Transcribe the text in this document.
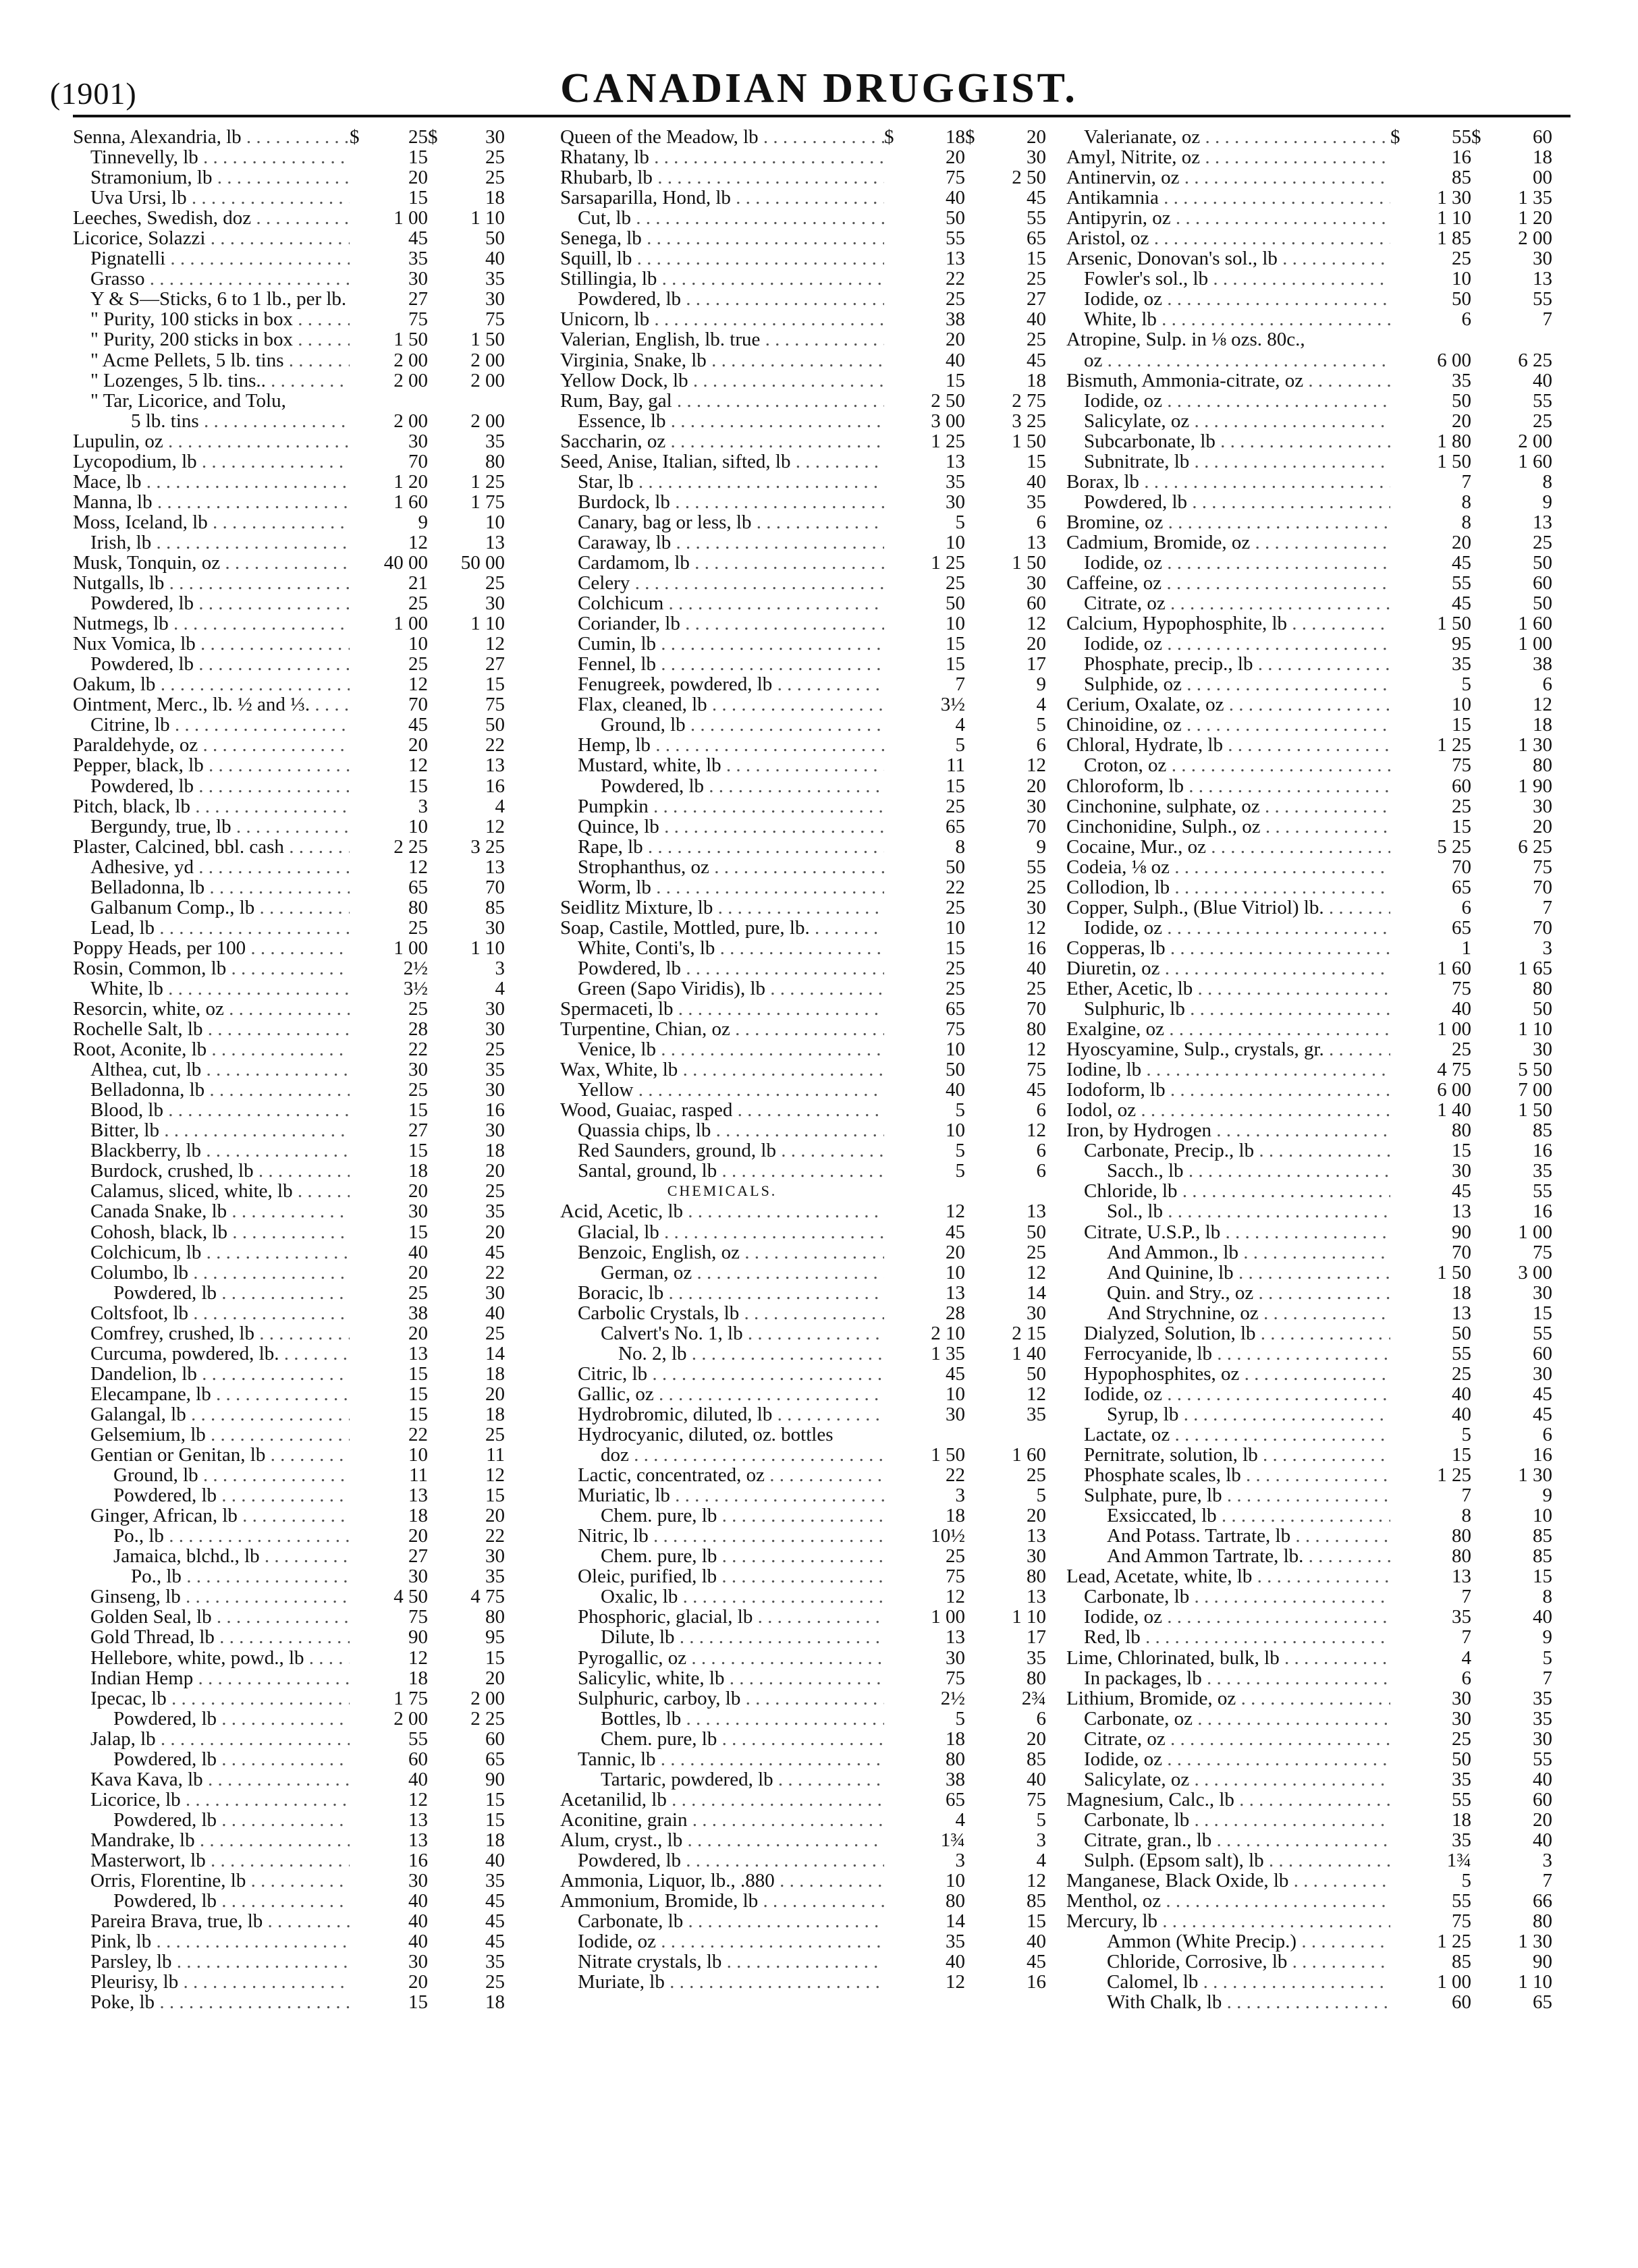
(1901)	CANADIAN DRUGGIST.
Senna, Alexandria, lb . . .	$	25 $	30
Tinnevelly, lb . . .	15	25
Stramonium, lb . . .	20	25
Uva Ursi, lb . . .	15	18
Leeches, Swedish, doz . . .	1 00	1 10
Licorice, Solazzi . . .	45	50
Pignatelli . . .	35	40
Grasso . . .	30	35
Y & S—Sticks, 6 to 1 lb., per lb. . . .	27	30
" Purity, 100 sticks in box . . .	75	75
" Purity, 200 sticks in box . . .	1 50	1 50
" Acme Pellets, 5 lb. tins . . .	2 00	2 00
" Lozenges, 5 lb. tins.. . . .	2 00	2 00
" Tar, Licorice, and Tolu,
5 lb. tins . . .	2 00	2 00
Lupulin, oz . . .	30	35
Lycopodium, lb . . .	70	80
Mace, lb . . .	1 20	1 25
Manna, lb . . .	1 60	1 75
Moss, Iceland, lb . . .	9	10
Irish, lb . . .	12	13
Musk, Tonquin, oz . . .	40 00	50 00
Nutgalls, lb . . .	21	25
Powdered, lb . . .	25	30
Nutmegs, lb . . .	1 00	1 10
Nux Vomica, lb . . .	10	12
Powdered, lb . . .	25	27
Oakum, lb . . .	12	15
Ointment, Merc., lb. ½ and ⅓. . . .	70	75
Citrine, lb . . .	45	50
Paraldehyde, oz . . .	20	22
Pepper, black, lb . . .	12	13
Powdered, lb . . .	15	16
Pitch, black, lb . . .	3	4
Bergundy, true, lb . . .	10	12
Plaster, Calcined, bbl. cash . . .	2 25	3 25
Adhesive, yd . . .	12	13
Belladonna, lb . . .	65	70
Galbanum Comp., lb . . .	80	85
Lead, lb . . .	25	30
Poppy Heads, per 100 . . .	1 00	1 10
Rosin, Common, lb . . .	2½	3
White, lb . . .	3½	4
Resorcin, white, oz . . .	25	30
Rochelle Salt, lb . . .	28	30
Root, Aconite, lb . . .	22	25
Althea, cut, lb . . .	30	35
Belladonna, lb . . .	25	30
Blood, lb . . .	15	16
Bitter, lb . . .	27	30
Blackberry, lb . . .	15	18
Burdock, crushed, lb . . .	18	20
Calamus, sliced, white, lb . . .	20	25
Canada Snake, lb . . .	30	35
Cohosh, black, lb . . .	15	20
Colchicum, lb . . .	40	45
Columbo, lb . . .	20	22
Powdered, lb . . .	25	30
Coltsfoot, lb . . .	38	40
Comfrey, crushed, lb . . .	20	25
Curcuma, powdered, lb. . . .	13	14
Dandelion, lb . . .	15	18
Elecampane, lb . . .	15	20
Galangal, lb . . .	15	18
Gelsemium, lb . . .	22	25
Gentian or Genitan, lb . . .	10	11
Ground, lb . . .	11	12
Powdered, lb . . .	13	15
Ginger, African, lb . . .	18	20
Po., lb . . .	20	22
Jamaica, blchd., lb . . .	27	30
Po., lb . . .	30	35
Ginseng, lb . . .	4 50	4 75
Golden Seal, lb . . .	75	80
Gold Thread, lb . . .	90	95
Hellebore, white, powd., lb . . .	12	15
Indian Hemp . . .	18	20
Ipecac, lb . . .	1 75	2 00
Powdered, lb . . .	2 00	2 25
Jalap, lb . . .	55	60
Powdered, lb . . .	60	65
Kava Kava, lb . . .	40	90
Licorice, lb . . .	12	15
Powdered, lb . . .	13	15
Mandrake, lb . . .	13	18
Masterwort, lb . . .	16	40
Orris, Florentine, lb . . .	30	35
Powdered, lb . . .	40	45
Pareira Brava, true, lb . . .	40	45
Pink, lb . . .	40	45
Parsley, lb . . .	30	35
Pleurisy, lb . . .	20	25
Poke, lb . . .	15	18
Queen of the Meadow, lb . . .	$	18 $	20
Rhatany, lb . . .	20	30
Rhubarb, lb . . .	75	2 50
Sarsaparilla, Hond, lb . . .	40	45
Cut, lb . . .	50	55
Senega, lb . . .	55	65
Squill, lb . . .	13	15
Stillingia, lb . . .	22	25
Powdered, lb . . .	25	27
Unicorn, lb . . .	38	40
Valerian, English, lb. true . . .	20	25
Virginia, Snake, lb . . .	40	45
Yellow Dock, lb . . .	15	18
Rum, Bay, gal . . .	2 50	2 75
Essence, lb . . .	3 00	3 25
Saccharin, oz . . .	1 25	1 50
Seed, Anise, Italian, sifted, lb . . .	13	15
Star, lb . . .	35	40
Burdock, lb . . .	30	35
Canary, bag or less, lb . . .	5	6
Caraway, lb . . .	10	13
Cardamom, lb . . .	1 25	1 50
Celery . . .	25	30
Colchicum . . .	50	60
Coriander, lb . . .	10	12
Cumin, lb . . .	15	20
Fennel, lb . . .	15	17
Fenugreek, powdered, lb . . .	7	9
Flax, cleaned, lb . . .	3½	4
Ground, lb . . .	4	5
Hemp, lb . . .	5	6
Mustard, white, lb . . .	11	12
Powdered, lb . . .	15	20
Pumpkin . . .	25	30
Quince, lb . . .	65	70
Rape, lb . . .	8	9
Strophanthus, oz . . .	50	55
Worm, lb . . .	22	25
Seidlitz Mixture, lb . . .	25	30
Soap, Castile, Mottled, pure, lb. . . .	10	12
White, Conti's, lb . . .	15	16
Powdered, lb . . .	25	40
Green (Sapo Viridis), lb . . .	25	25
Spermaceti, lb . . .	65	70
Turpentine, Chian, oz . . .	75	80
Venice, lb . . .	10	12
Wax, White, lb . . .	50	75
Yellow . . .	40	45
Wood, Guaiac, rasped . . .	5	6
Quassia chips, lb . . .	10	12
Red Saunders, ground, lb . . .	5	6
Santal, ground, lb . . .	5	6
CHEMICALS.
Acid, Acetic, lb . . .	12	13
Glacial, lb . . .	45	50
Benzoic, English, oz . . .	20	25
German, oz . . .	10	12
Boracic, lb . . .	13	14
Carbolic Crystals, lb . . .	28	30
Calvert's No. 1, lb . . .	2 10	2 15
No. 2, lb . . .	1 35	1 40
Citric, lb . . .	45	50
Gallic, oz . . .	10	12
Hydrobromic, diluted, lb . . .	30	35
Hydrocyanic, diluted, oz. bottles
doz . . .	1 50	1 60
Lactic, concentrated, oz . . .	22	25
Muriatic, lb . . .	3	5
Chem. pure, lb . . .	18	20
Nitric, lb . . .	10½	13
Chem. pure, lb . . .	25	30
Oleic, purified, lb . . .	75	80
Oxalic, lb . . .	12	13
Phosphoric, glacial, lb . . .	1 00	1 10
Dilute, lb . . .	13	17
Pyrogallic, oz . . .	30	35
Salicylic, white, lb . . .	75	80
Sulphuric, carboy, lb . . .	2½	2¾
Bottles, lb . . .	5	6
Chem. pure, lb . . .	18	20
Tannic, lb . . .	80	85
Tartaric, powdered, lb . . .	38	40
Acetanilid, lb . . .	65	75
Aconitine, grain . . .	4	5
Alum, cryst., lb . . .	1¾	3
Powdered, lb . . .	3	4
Ammonia, Liquor, lb., .880 . . .	10	12
Ammonium, Bromide, lb . . .	80	85
Carbonate, lb . . .	14	15
Iodide, oz . . .	35	40
Nitrate crystals, lb . . .	40	45
Muriate, lb . . .	12	16
Valerianate, oz . . .	$	55 $	60
Amyl, Nitrite, oz . . .	16	18
Antinervin, oz . . .	85	00
Antikamnia . . .	1 30	1 35
Antipyrin, oz . . .	1 10	1 20
Aristol, oz . . .	1 85	2 00
Arsenic, Donovan's sol., lb . . .	25	30
Fowler's sol., lb . . .	10	13
Iodide, oz . . .	50	55
White, lb . . .	6	7
Atropine, Sulp. in ⅛ ozs. 80c.,
oz . . .	6 00	6 25
Bismuth, Ammonia-citrate, oz . . .	35	40
Iodide, oz . . .	50	55
Salicylate, oz . . .	20	25
Subcarbonate, lb . . .	1 80	2 00
Subnitrate, lb . . .	1 50	1 60
Borax, lb . . .	7	8
Powdered, lb . . .	8	9
Bromine, oz . . .	8	13
Cadmium, Bromide, oz . . .	20	25
Iodide, oz . . .	45	50
Caffeine, oz . . .	55	60
Citrate, oz . . .	45	50
Calcium, Hypophosphite, lb . . .	1 50	1 60
Iodide, oz . . .	95	1 00
Phosphate, precip., lb . . .	35	38
Sulphide, oz . . .	5	6
Cerium, Oxalate, oz . . .	10	12
Chinoidine, oz . . .	15	18
Chloral, Hydrate, lb . . .	1 25	1 30
Croton, oz . . .	75	80
Chloroform, lb . . .	60	1 90
Cinchonine, sulphate, oz . . .	25	30
Cinchonidine, Sulph., oz . . .	15	20
Cocaine, Mur., oz . . .	5 25	6 25
Codeia, ⅛ oz . . .	70	75
Collodion, lb . . .	65	70
Copper, Sulph., (Blue Vitriol) lb. . . .	6	7
Iodide, oz . . .	65	70
Copperas, lb . . .	1	3
Diuretin, oz . . .	1 60	1 65
Ether, Acetic, lb . . .	75	80
Sulphuric, lb . . .	40	50
Exalgine, oz . . .	1 00	1 10
Hyoscyamine, Sulp., crystals, gr. . . .	25	30
Iodine, lb . . .	4 75	5 50
Iodoform, lb . . .	6 00	7 00
Iodol, oz . . .	1 40	1 50
Iron, by Hydrogen . . .	80	85
Carbonate, Precip., lb . . .	15	16
Sacch., lb . . .	30	35
Chloride, lb . . .	45	55
Sol., lb . . .	13	16
Citrate, U.S.P., lb . . .	90	1 00
And Ammon., lb . . .	70	75
And Quinine, lb . . .	1 50	3 00
Quin. and Stry., oz . . .	18	30
And Strychnine, oz . . .	13	15
Dialyzed, Solution, lb . . .	50	55
Ferrocyanide, lb . . .	55	60
Hypophosphites, oz . . .	25	30
Iodide, oz . . .	40	45
Syrup, lb . . .	40	45
Lactate, oz . . .	5	6
Pernitrate, solution, lb . . .	15	16
Phosphate scales, lb . . .	1 25	1 30
Sulphate, pure, lb . . .	7	9
Exsiccated, lb . . .	8	10
And Potass. Tartrate, lb . . .	80	85
And Ammon Tartrate, lb. . . .	80	85
Lead, Acetate, white, lb . . .	13	15
Carbonate, lb . . .	7	8
Iodide, oz . . .	35	40
Red, lb . . .	7	9
Lime, Chlorinated, bulk, lb . . .	4	5
In packages, lb . . .	6	7
Lithium, Bromide, oz . . .	30	35
Carbonate, oz . . .	30	35
Citrate, oz . . .	25	30
Iodide, oz . . .	50	55
Salicylate, oz . . .	35	40
Magnesium, Calc., lb . . .	55	60
Carbonate, lb . . .	18	20
Citrate, gran., lb . . .	35	40
Sulph. (Epsom salt), lb . . .	1¾	3
Manganese, Black Oxide, lb . . .	5	7
Menthol, oz . . .	55	66
Mercury, lb . . .	75	80
Ammon (White Precip.) . . .	1 25	1 30
Chloride, Corrosive, lb . . .	85	90
Calomel, lb . . .	1 00	1 10
With Chalk, lb . . .	60	65
